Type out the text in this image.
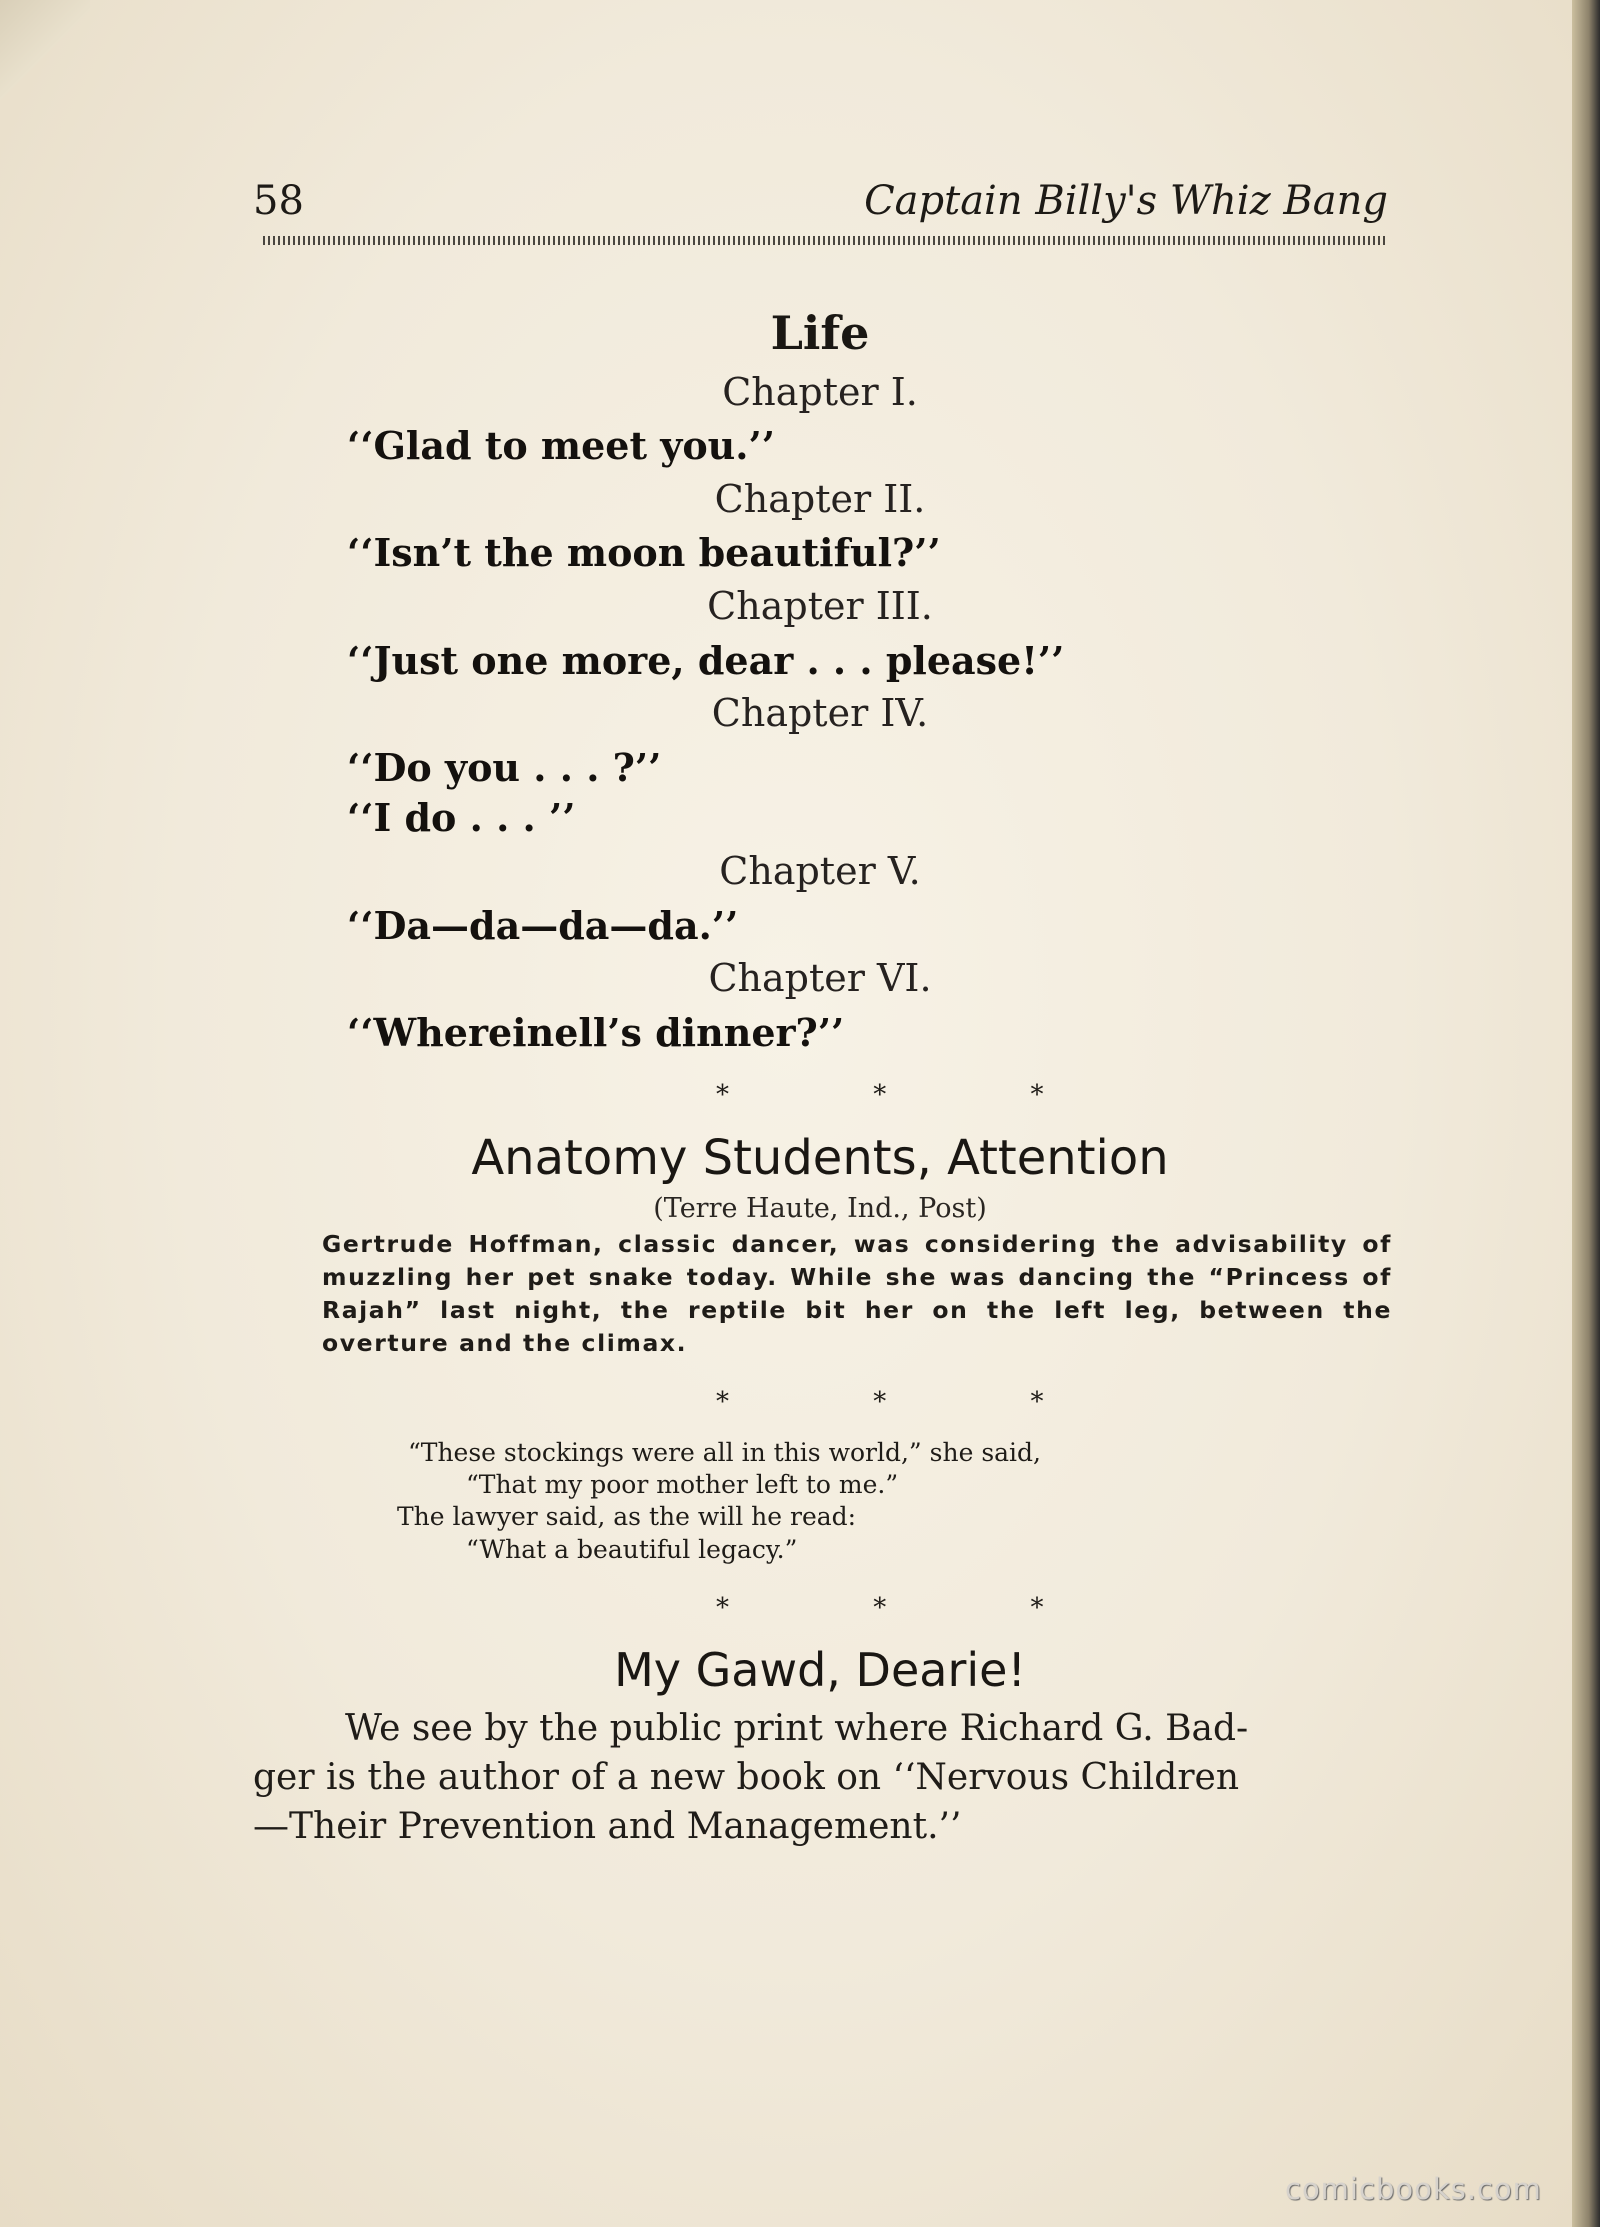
58	Captain Billy's Whiz Bang
Life
Chapter I.
‘‘Glad to meet you.’’
Chapter II.
‘‘Isn’t the moon beautiful?’’
Chapter III.
‘‘Just one more, dear . . . please!’’
Chapter IV.
‘‘Do you . . . ?’’
‘‘I do . . . ’’
Chapter V.
‘‘Da—da—da—da.’’
Chapter VI.
‘‘Whereinell’s dinner?’’
* * *
Anatomy Students, Attention
(Terre Haute, Ind., Post)
Gertrude Hoffman, classic dancer, was considering the advisability of muzzling her pet snake today. While she was dancing the “Princess of Rajah” last night, the reptile bit her on the left leg, between the overture and the climax.
* * *
“These stockings were all in this world,” she said,
“That my poor mother left to me.”
The lawyer said, as the will he read:
“What a beautiful legacy.”
* * *
My Gawd, Dearie!
We see by the public print where Richard G. Bad-
ger is the author of a new book on ‘‘Nervous Children
—Their Prevention and Management.’’
comicbooks.com
